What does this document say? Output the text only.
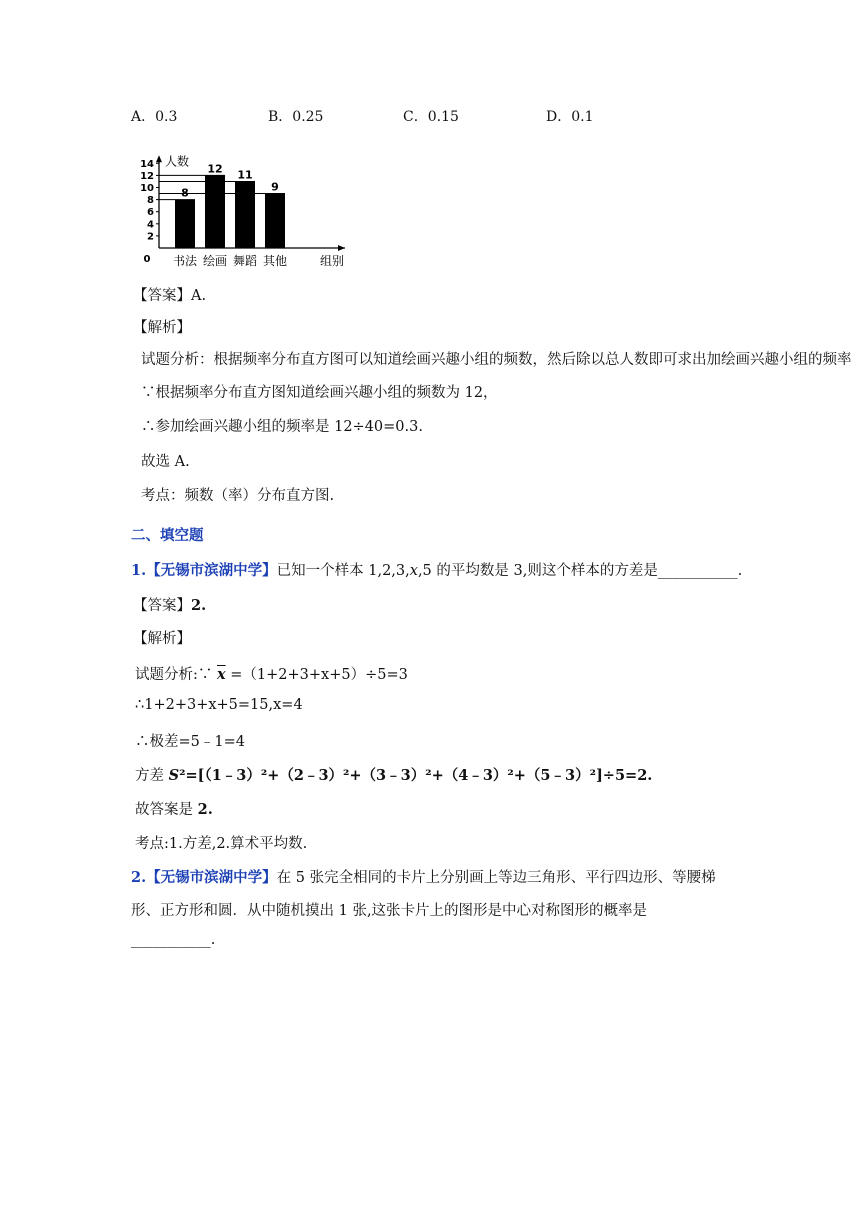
A．0.3	B．0.25	C．0.15	D．0.1
2
4
6
8
10
12
14
0
8
书法
12
绘画
11
舞蹈
9
其他
人数
组别
【答案】A.
【解析】
试题分析：根据频率分布直方图可以知道绘画兴趣小组的频数，然后除以总人数即可求出加绘画兴趣小组的频率
∵根据频率分布直方图知道绘画兴趣小组的频数为 12，
∴参加绘画兴趣小组的频率是 12÷40=0.3.
故选 A.
考点：频数（率）分布直方图.
二、填空题
1.【无锡市滨湖中学】已知一个样本 1,2,3,x,5 的平均数是 3,则这个样本的方差是___________.
【答案】2.
【解析】
试题分析:∵ $\overline{x} =(1+2+3+x+5)\div 5=3$
∴1+2+3+x+5=15,x=4
∴极差=5﹣1=4
方差 S²=[（1﹣3）²+（2﹣3）²+（3﹣3）²+（4﹣3）²+（5﹣3）²]÷5=2.
故答案是 2.
考点:1.方差,2.算术平均数.
2.【无锡市滨湖中学】在 5 张完全相同的卡片上分别画上等边三角形、平行四边形、等腰梯
形、正方形和圆．从中随机摸出 1 张,这张卡片上的图形是中心对称图形的概率是
___________.
